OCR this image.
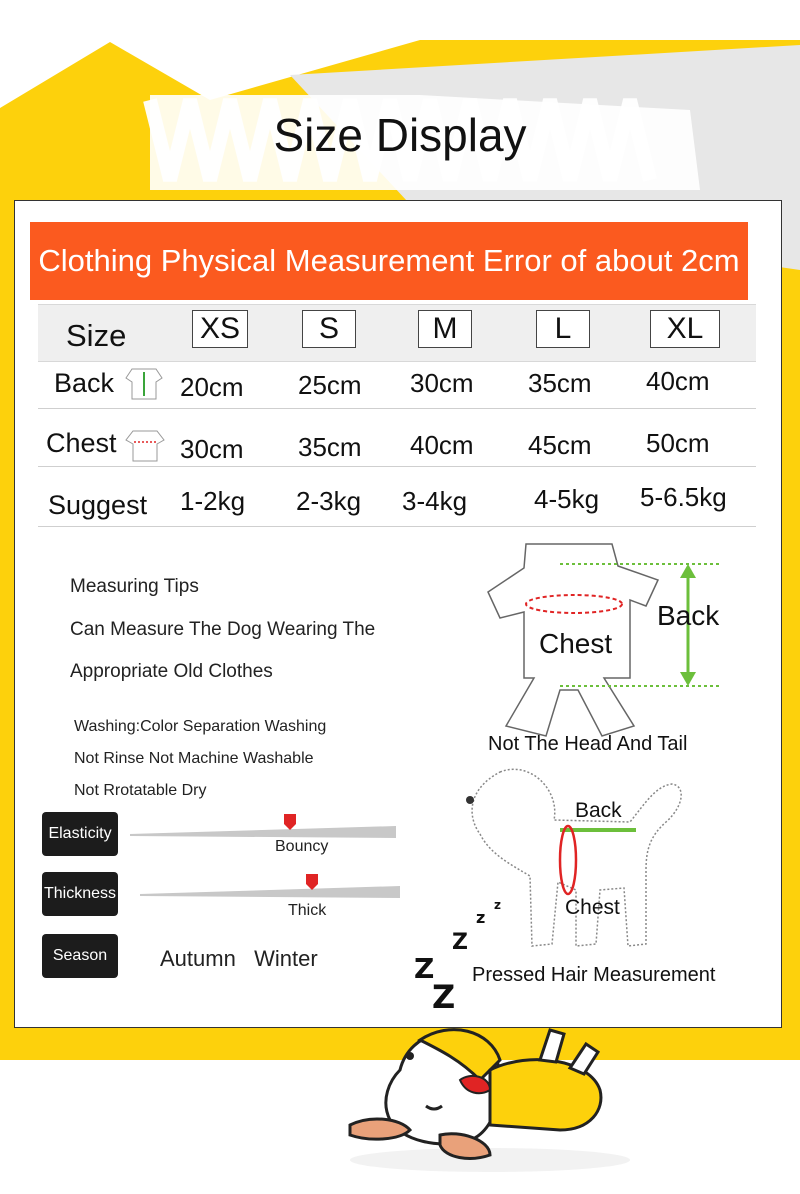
Size Display
Clothing Physical Measurement Error of about 2cm
Size XS	S	M	L	XL
Back	20cm 25cm 30cm 35cm 40cm
Chest 30cm 35cm 40cm 45cm 50cm
Suggest 1-2kg 2-3kg 3-4kg	4-5kg 5-6.5kg
Measuring Tips
Can Measure The Dog Wearing The
Appropriate Old Clothes
Washing:Color Separation Washing
Not Rinse Not Machine Washable
Not Rrotatable Dry
Elasticity
Bouncy
Thickness
Thick
Season	Autumn   Winter
Back
Chest
Not The Head And Tail
Back
Chest
Pressed Hair Measurement
Z
Z
Z
z
z
